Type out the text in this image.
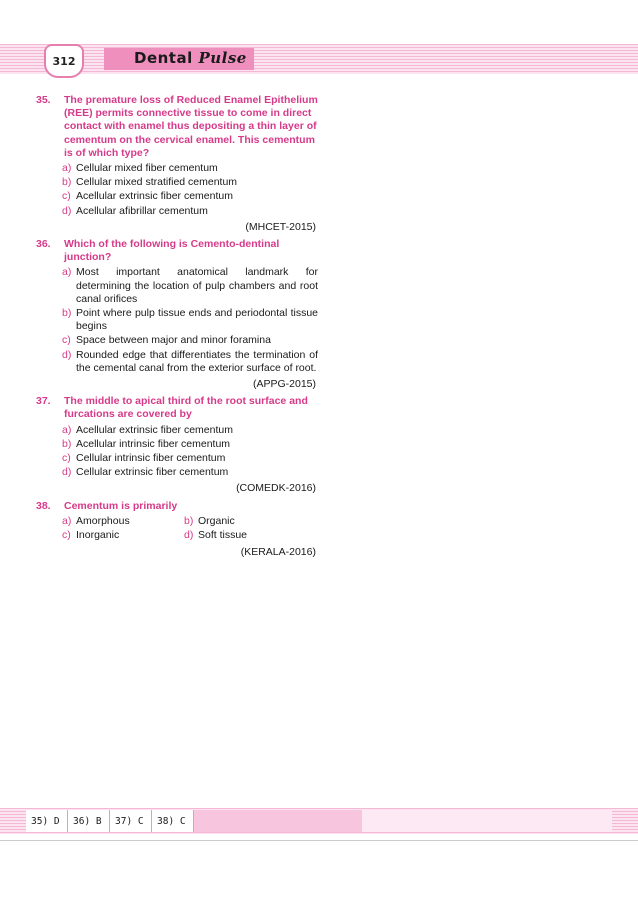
312	Dental Pulse
35. The premature loss of Reduced Enamel Epithelium (REE) permits connective tissue to come in direct contact with enamel thus depositing a thin layer of cementum on the cervical enamel. This cementum is of which type?
a) Cellular mixed fiber cementum
b) Cellular mixed stratified cementum
c) Acellular extrinsic fiber cementum
d) Acellular afibrillar cementum
(MHCET-2015)
36. Which of the following is Cemento-dentinal junction?
a) Most important anatomical landmark for determining the location of pulp chambers and root canal orifices
b) Point where pulp tissue ends and periodontal tissue begins
c) Space between major and minor foramina
d) Rounded edge that differentiates the termination of the cemental canal from the exterior surface of root.
(APPG-2015)
37. The middle to apical third of the root surface and furcations are covered by
a) Acellular extrinsic fiber cementum
b) Acellular intrinsic fiber cementum
c) Cellular intrinsic fiber cementum
d) Cellular extrinsic fiber cementum
(COMEDK-2016)
38. Cementum is primarily
a) Amorphous	b) Organic
c) Inorganic	d) Soft tissue
(KERALA-2016)
35) D	36) B	37) C	38) C
